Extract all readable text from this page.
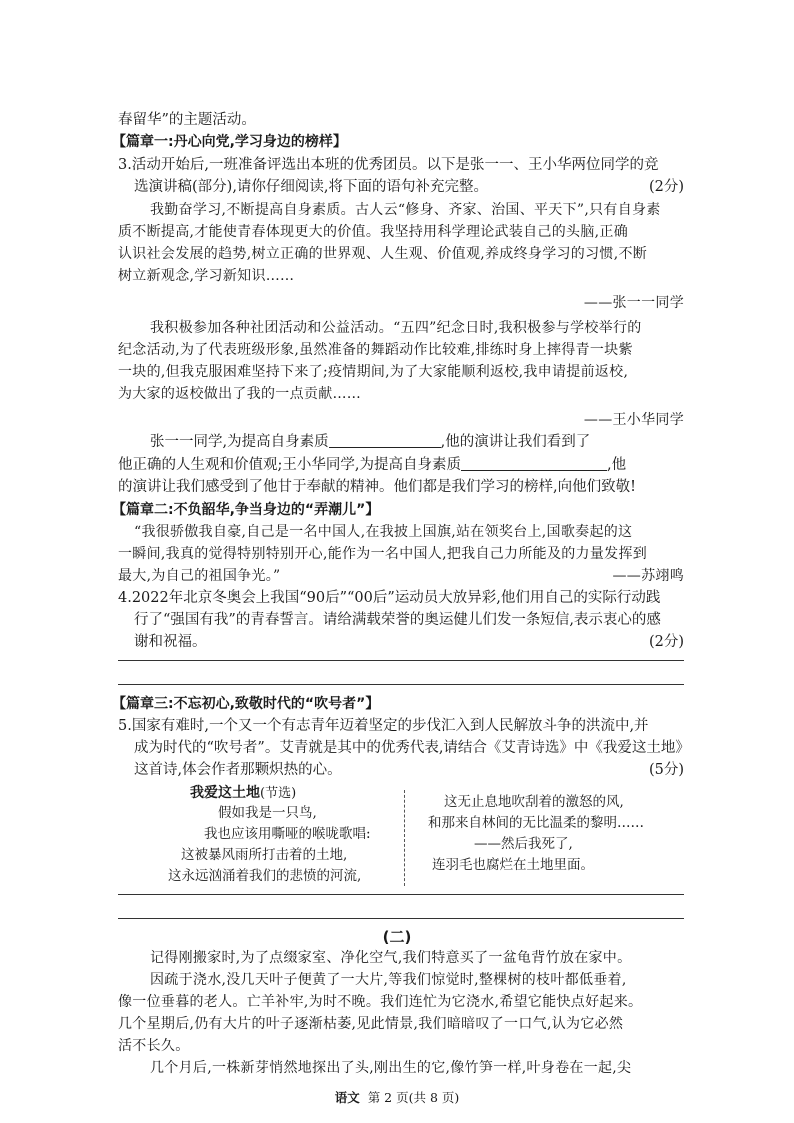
春留华”的主题活动。
【篇章一:丹心向党,学习身边的榜样】
3.活动开始后,一班准备评选出本班的优秀团员。以下是张一一、王小华两位同学的竞
选演讲稿(部分),请你仔细阅读,将下面的语句补充完整。	(2分)
我勤奋学习,不断提高自身素质。古人云“修身、齐家、治国、平天下”,只有自身素
质不断提高,才能使青春体现更大的价值。我坚持用科学理论武装自己的头脑,正确
认识社会发展的趋势,树立正确的世界观、人生观、价值观,养成终身学习的习惯,不断
树立新观念,学习新知识……
——张一一同学
我积极参加各种社团活动和公益活动。“五四”纪念日时,我积极参与学校举行的
纪念活动,为了代表班级形象,虽然准备的舞蹈动作比较难,排练时身上摔得青一块紫
一块的,但我克服困难坚持下来了;疫情期间,为了大家能顺利返校,我申请提前返校,
为大家的返校做出了我的一点贡献……
——王小华同学
张一一同学,为提高自身素质	,他的演讲让我们看到了
他正确的人生观和价值观;王小华同学,为提高自身素质	,他
的演讲让我们感受到了他甘于奉献的精神。他们都是我们学习的榜样,向他们致敬!
【篇章二:不负韶华,争当身边的“弄潮儿”】
“我很骄傲我自豪,自己是一名中国人,在我披上国旗,站在领奖台上,国歌奏起的这
一瞬间,我真的觉得特别特别开心,能作为一名中国人,把我自己力所能及的力量发挥到
最大,为自己的祖国争光。”	——苏翊鸣
4.2022年北京冬奥会上我国“90后”“00后”运动员大放异彩,他们用自己的实际行动践
行了“强国有我”的青春誓言。请给满载荣誉的奥运健儿们发一条短信,表示衷心的感
谢和祝福。	(2分)
【篇章三:不忘初心,致敬时代的“吹号者”】
5.国家有难时,一个又一个有志青年迈着坚定的步伐汇入到人民解放斗争的洪流中,并
成为时代的“吹号者”。艾青就是其中的优秀代表,请结合《艾青诗选》中《我爱这土地》
这首诗,体会作者那颗炽热的心。	(5分)
我爱这土地(节选)
假如我是一只鸟,
我也应该用嘶哑的喉咙歌唱:
这被暴风雨所打击着的土地,
这永远汹涌着我们的悲愤的河流,
这无止息地吹刮着的激怒的风,
和那来自林间的无比温柔的黎明……
——然后我死了,
连羽毛也腐烂在土地里面。
(二)
记得刚搬家时,为了点缀家室、净化空气,我们特意买了一盆龟背竹放在家中。
因疏于浇水,没几天叶子便黄了一大片,等我们惊觉时,整棵树的枝叶都低垂着,
像一位垂暮的老人。亡羊补牢,为时不晚。我们连忙为它浇水,希望它能快点好起来。
几个星期后,仍有大片的叶子逐渐枯萎,见此情景,我们暗暗叹了一口气,认为它必然
活不长久。
几个月后,一株新芽悄然地探出了头,刚出生的它,像竹笋一样,叶身卷在一起,尖
语文 第 2 页(共 8 页)
